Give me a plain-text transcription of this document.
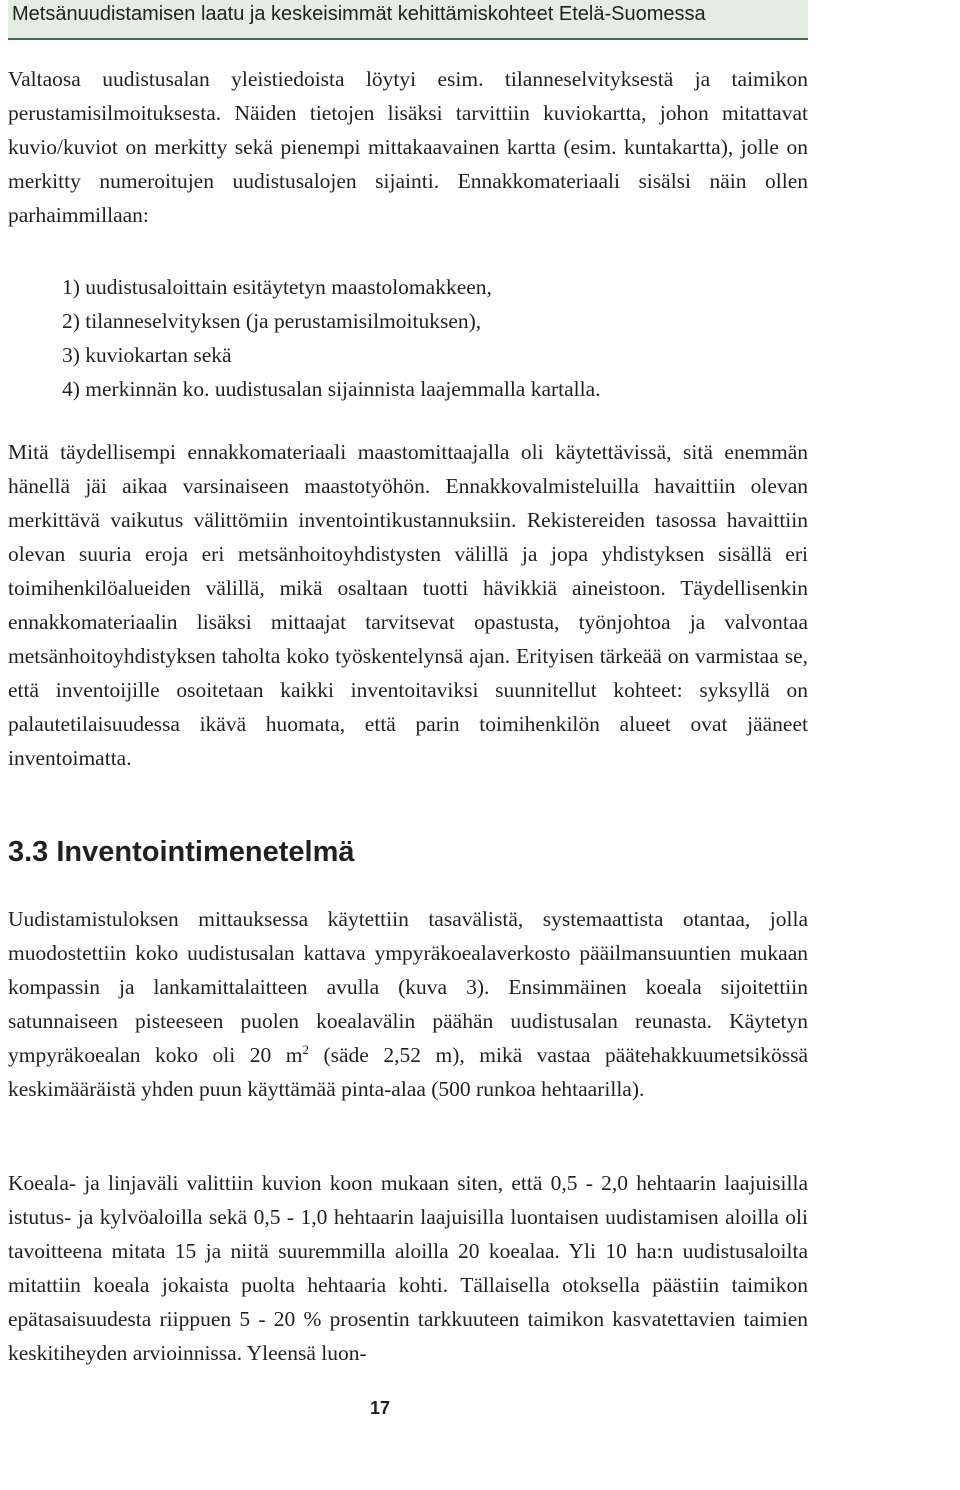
Metsänuudistamisen laatu ja keskeisimmät kehittämiskohteet Etelä-Suomessa

Valtaosa uudistusalan yleistiedoista löytyi esim. tilanneselvityksestä ja taimikon perustamisilmoituksesta. Näiden tietojen lisäksi tarvittiin kuviokartta, johon mitattavat kuvio/kuviot on merkitty sekä pienempi mittakaavainen kartta (esim. kuntakartta), jolle on merkitty numeroitujen uudistusalojen sijainti. Ennakkomateriaali sisälsi näin ollen parhaimmillaan:

1) uudistusaloittain esitäytetyn maastolomakkeen,
2) tilanneselvityksen (ja perustamisilmoituksen),
3) kuviokartan sekä
4) merkinnän ko. uudistusalan sijainnista laajemmalla kartalla.

Mitä täydellisempi ennakkomateriaali maastomittaajalla oli käytettävissä, sitä enemmän hänellä jäi aikaa varsinaiseen maastotyöhön. Ennakkovalmisteluilla havaittiin olevan merkittävä vaikutus välittömiin inventointikustannuksiin. Rekistereiden tasossa havaittiin olevan suuria eroja eri metsänhoitoyhdistysten välillä ja jopa yhdistyksen sisällä eri toimihenkilöalueiden välillä, mikä osaltaan tuotti hävikkiä aineistoon. Täydellisenkin ennakkomateriaalin lisäksi mittaajat tarvitsevat opastusta, työnjohtoa ja valvontaa metsänhoitoyhdistyksen taholta koko työskentelynsä ajan. Erityisen tärkeää on varmistaa se, että inventoijille osoitetaan kaikki inventoitaviksi suunnitellut kohteet: syksyllä on palautetilaisuudessa ikävä huomata, että parin toimihenkilön alueet ovat jääneet inventoimatta.

3.3 Inventointimenetelmä

Uudistamistuloksen mittauksessa käytettiin tasavälistä, systemaattista otantaa, jolla muodostettiin koko uudistusalan kattava ympyräkoealaverkosto pääilmansuuntien mukaan kompassin ja lankamittalaitteen avulla (kuva 3). Ensimmäinen koeala sijoitettiin satunnaiseen pisteeseen puolen koealavälin päähän uudistusalan reunasta. Käytetyn ympyräkoealan koko oli 20 $m^2$ (säde 2,52 m), mikä vastaa päätehakkuumetsikössä keskimääräistä yhden puun käyttämää pinta-alaa (500 runkoa hehtaarilla).

Koeala- ja linjaväli valittiin kuvion koon mukaan siten, että 0,5 - 2,0 hehtaarin laajuisilla istutus- ja kylvöaloilla sekä 0,5 - 1,0 hehtaarin laajuisilla luontaisen uudistamisen aloilla oli tavoitteena mitata 15 ja niitä suuremmilla aloilla 20 koealaa. Yli 10 ha:n uudistusaloilta mitattiin koeala jokaista puolta hehtaaria kohti. Tällaisella otoksella päästiin taimikon epätasaisuudesta riippuen 5 - 20 % prosentin tarkkuuteen taimikon kasvatettavien taimien keskitiheyden arvioinnissa. Yleensä luon-

17
